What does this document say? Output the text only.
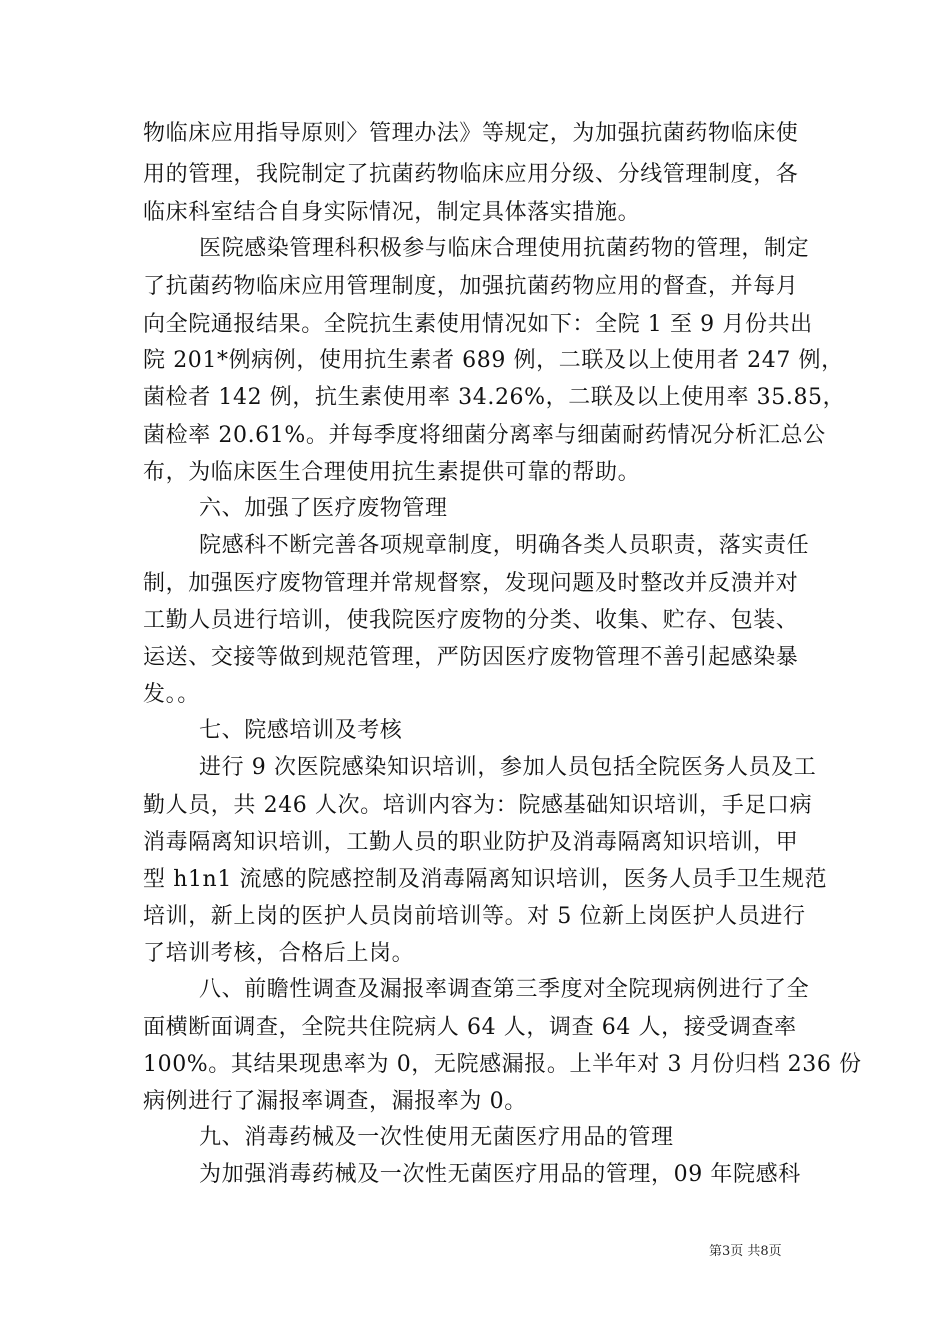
物临床应用指导原则〉管理办法》等规定，为加强抗菌药物临床使
用的管理，我院制定了抗菌药物临床应用分级、分线管理制度，各
临床科室结合自身实际情况，制定具体落实措施。
医院感染管理科积极参与临床合理使用抗菌药物的管理，制定
了抗菌药物临床应用管理制度，加强抗菌药物应用的督查，并每月
向全院通报结果。全院抗生素使用情况如下：全院 1 至 9 月份共出
院 201*例病例，使用抗生素者 689 例，二联及以上使用者 247 例，
菌检者 142 例，抗生素使用率 34.26%，二联及以上使用率 35.85，
菌检率 20.61%。并每季度将细菌分离率与细菌耐药情况分析汇总公
布，为临床医生合理使用抗生素提供可靠的帮助。
六、加强了医疗废物管理
院感科不断完善各项规章制度，明确各类人员职责，落实责任
制，加强医疗废物管理并常规督察，发现问题及时整改并反溃并对
工勤人员进行培训，使我院医疗废物的分类、收集、贮存、包装、
运送、交接等做到规范管理，严防因医疗废物管理不善引起感染暴
发。。
七、院感培训及考核
进行 9 次医院感染知识培训，参加人员包括全院医务人员及工
勤人员，共 246 人次。培训内容为：院感基础知识培训，手足口病
消毒隔离知识培训，工勤人员的职业防护及消毒隔离知识培训，甲
型 h1n1 流感的院感控制及消毒隔离知识培训，医务人员手卫生规范
培训，新上岗的医护人员岗前培训等。对 5 位新上岗医护人员进行
了培训考核，合格后上岗。
八、前瞻性调查及漏报率调查第三季度对全院现病例进行了全
面横断面调查，全院共住院病人 64 人，调查 64 人，接受调查率
100%。其结果现患率为 0，无院感漏报。上半年对 3 月份归档 236 份
病例进行了漏报率调查，漏报率为 0。
九、消毒药械及一次性使用无菌医疗用品的管理
为加强消毒药械及一次性无菌医疗用品的管理，09 年院感科
第3页 共8页
